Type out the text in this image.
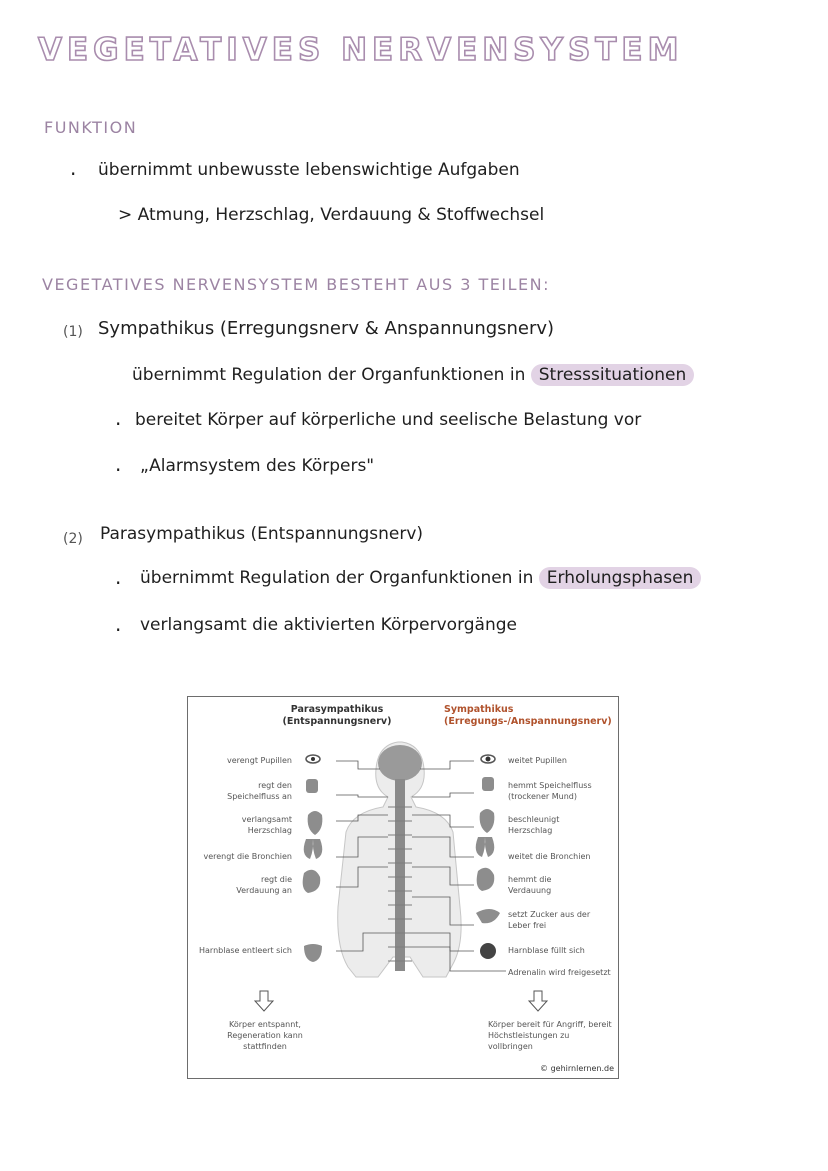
VEGETATIVES NERVENSYSTEM
FUNKTION
· übernimmt unbewusste lebenswichtige Aufgaben
> Atmung, Herzschlag, Verdauung & Stoffwechsel
VEGETATIVES NERVENSYSTEM BESTEHT AUS 3 TEILEN:
(1) Sympathikus (Erregungsnerv & Anspannungsnerv)
übernimmt Regulation der Organfunktionen in Stresssituationen
· bereitet Körper auf körperliche und seelische Belastung vor
· „Alarmsystem des Körpers"
(2) Parasympathikus (Entspannungsnerv)
· übernimmt Regulation der Organfunktionen in Erholungsphasen
· verlangsamt die aktivierten Körpervorgänge
Parasympathikus
(Entspannungsnerv)
Sympathikus
(Erregungs-/Anspannungsnerv)
verengt Pupillen
regt den Speichelfluss an
verlangsamt Herzschlag
verengt die Bronchien
regt die Verdauung an
Harnblase entleert sich
weitet Pupillen
hemmt Speichelfluss (trockener Mund)
beschleunigt Herzschlag
weitet die Bronchien
hemmt die Verdauung
setzt Zucker aus der Leber frei
Harnblase füllt sich
Adrenalin wird freigesetzt
Körper entspannt, Regeneration kann stattfinden
Körper bereit für Angriff, bereit Höchstleistungen zu vollbringen
© gehirnlernen.de
